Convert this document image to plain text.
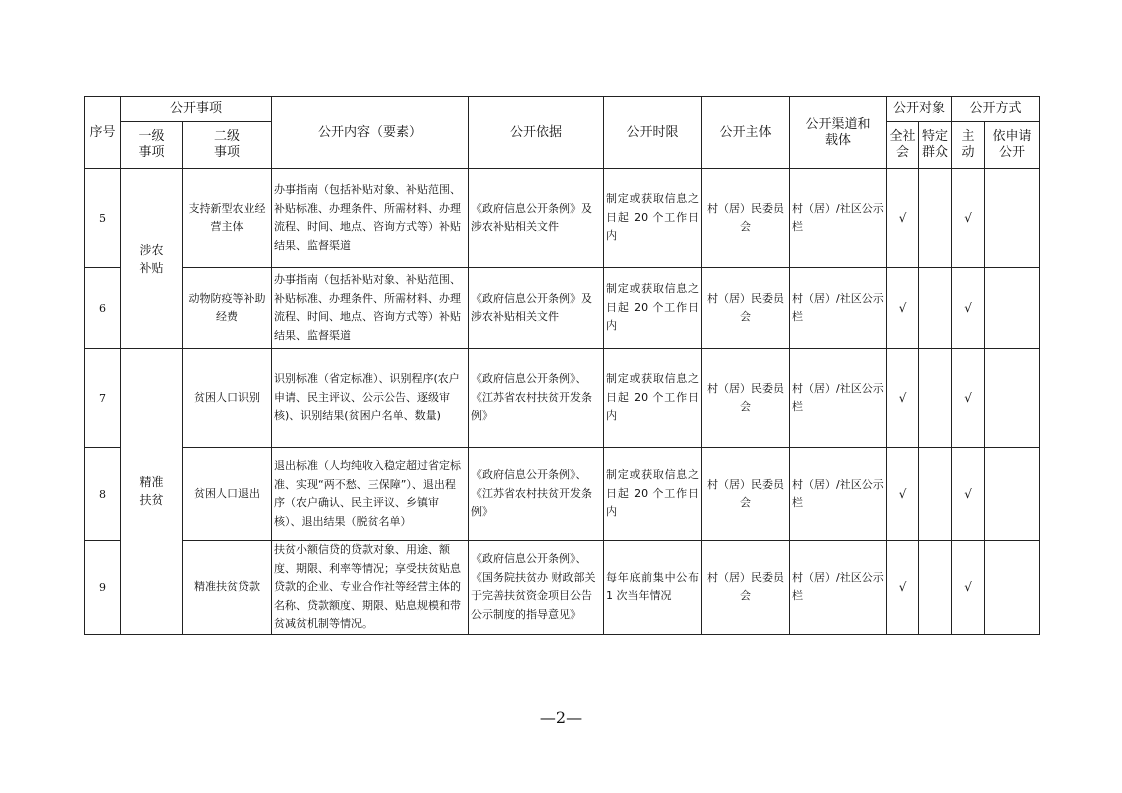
序号	公开事项		公开内容（要素）	公开依据	公开时限	公开主体	公开渠道和载体	公开对象		公开方式	
	一级事项	二级事项						全社会	特定群众	主动	依申请公开
5	涉农补贴	支持新型农业经营主体	办事指南（包括补贴对象、补贴范围、补贴标准、办理条件、所需材料、办理流程、时间、地点、咨询方式等）补贴结果、监督渠道	《政府信息公开条例》及涉农补贴相关文件	制定或获取信息之日起 20 个工作日内	村（居）民委员会	村（居）/社区公示栏	√		√	
6		动物防疫等补助经费	办事指南（包括补贴对象、补贴范围、补贴标准、办理条件、所需材料、办理流程、时间、地点、咨询方式等）补贴结果、监督渠道	《政府信息公开条例》及涉农补贴相关文件	制定或获取信息之日起 20 个工作日内	村（居）民委员会	村（居）/社区公示栏	√		√	
7	精准扶贫	贫困人口识别	识别标准（省定标准）、识别程序(农户申请、民主评议、公示公告、逐级审核)、识别结果(贫困户名单、数量)	《政府信息公开条例》、《江苏省农村扶贫开发条例》	制定或获取信息之日起 20 个工作日内	村（居）民委员会	村（居）/社区公示栏	√		√	
8		贫困人口退出	退出标准（人均纯收入稳定超过省定标准、实现“两不愁、三保障”）、退出程序（农户确认、民主评议、乡镇审核）、退出结果（脱贫名单）	《政府信息公开条例》、《江苏省农村扶贫开发条例》	制定或获取信息之日起 20 个工作日内	村（居）民委员会	村（居）/社区公示栏	√		√	
9		精准扶贫贷款	扶贫小额信贷的贷款对象、用途、额度、期限、利率等情况；享受扶贫贴息贷款的企业、专业合作社等经营主体的名称、贷款额度、期限、贴息规模和带贫减贫机制等情况。	《政府信息公开条例》、《国务院扶贫办 财政部关于完善扶贫资金项目公告公示制度的指导意见》	每年底前集中公布 1 次当年情况	村（居）民委员会	村（居）/社区公示栏	√		√	
—2—
